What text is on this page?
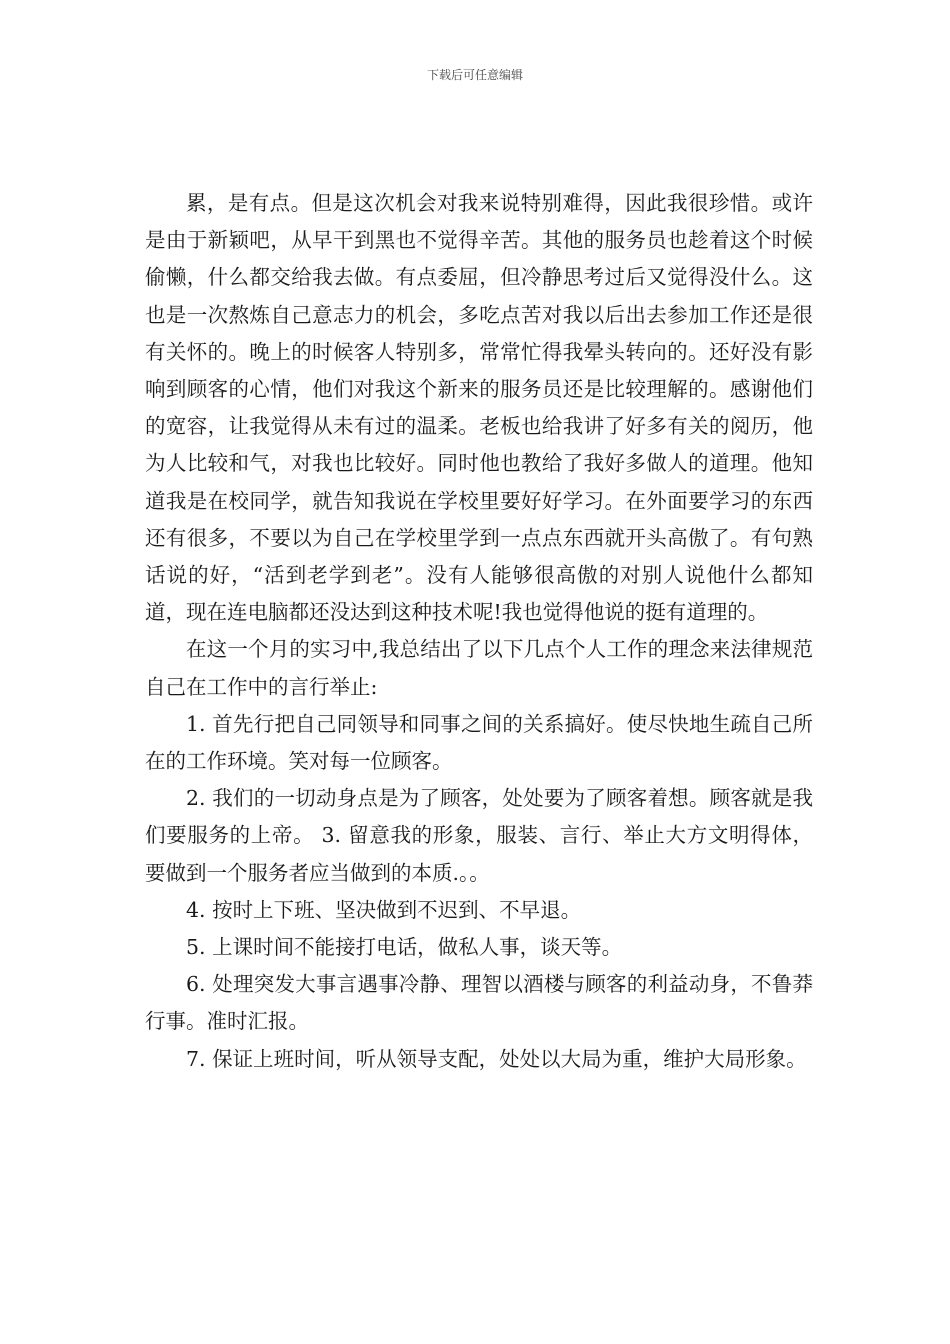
下载后可任意编辑

累，是有点。但是这次机会对我来说特别难得，因此我很珍惜。或许是由于新颖吧，从早干到黑也不觉得辛苦。其他的服务员也趁着这个时候偷懒，什么都交给我去做。有点委屈，但冷静思考过后又觉得没什么。这也是一次熬炼自己意志力的机会，多吃点苦对我以后出去参加工作还是很有关怀的。晚上的时候客人特别多，常常忙得我晕头转向的。还好没有影响到顾客的心情，他们对我这个新来的服务员还是比较理解的。感谢他们的宽容，让我觉得从未有过的温柔。老板也给我讲了好多有关的阅历，他为人比较和气，对我也比较好。同时他也教给了我好多做人的道理。他知道我是在校同学，就告知我说在学校里要好好学习。在外面要学习的东西还有很多，不要以为自己在学校里学到一点点东西就开头高傲了。有句熟话说的好，“活到老学到老”。没有人能够很高傲的对别人说他什么都知道，现在连电脑都还没达到这种技术呢!我也觉得他说的挺有道理的。

在这一个月的实习中,我总结出了以下几点个人工作的理念来法律规范自己在工作中的言行举止:

1. 首先行把自己同领导和同事之间的关系搞好。使尽快地生疏自己所在的工作环境。笑对每一位顾客。

2. 我们的一切动身点是为了顾客，处处要为了顾客着想。顾客就是我们要服务的上帝。 3. 留意我的形象，服装、言行、举止大方文明得体，要做到一个服务者应当做到的本质.。。

4. 按时上下班、坚决做到不迟到、不早退。

5. 上课时间不能接打电话，做私人事，谈天等。

6. 处理突发大事言遇事冷静、理智以酒楼与顾客的利益动身，不鲁莽行事。准时汇报。

7. 保证上班时间，听从领导支配，处处以大局为重，维护大局形象。
